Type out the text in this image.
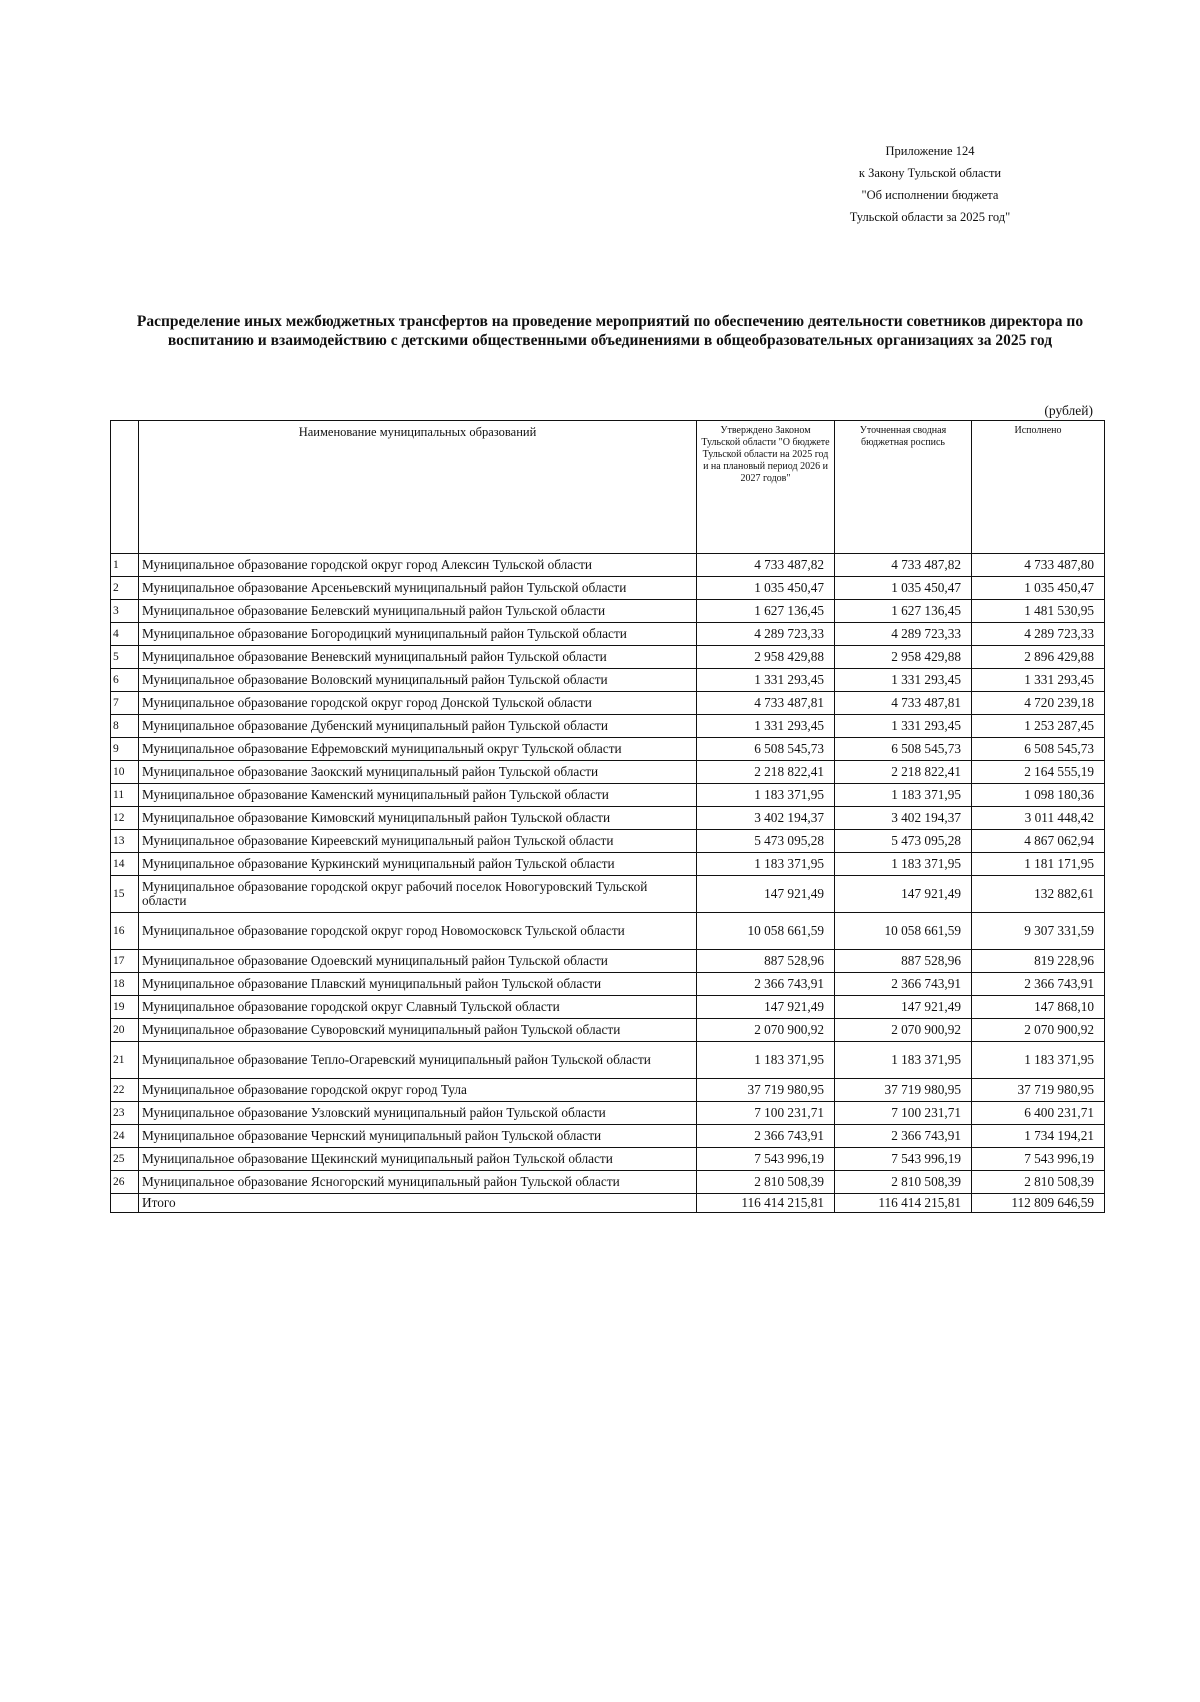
Приложение 124
к Закону Тульской области
"Об исполнении бюджета
Тульской области за 2025 год"
Распределение иных межбюджетных трансфертов на проведение мероприятий по обеспечению деятельности советников директора по воспитанию и взаимодействию с детскими общественными объединениями в общеобразовательных организациях за 2025 год
(рублей)
	Наименование муниципальных образований	Утверждено Законом Тульской области "О бюджете Тульской области на 2025 год и на плановый период 2026 и 2027 годов"	Уточненная сводная бюджетная роспись	Исполнено
1	Муниципальное образование городской округ город Алексин Тульской области	4 733 487,82	4 733 487,82	4 733 487,80
2	Муниципальное образование Арсеньевский муниципальный район Тульской области	1 035 450,47	1 035 450,47	1 035 450,47
3	Муниципальное образование Белевский муниципальный район Тульской области	1 627 136,45	1 627 136,45	1 481 530,95
4	Муниципальное образование Богородицкий муниципальный район Тульской области	4 289 723,33	4 289 723,33	4 289 723,33
5	Муниципальное образование Веневский муниципальный район Тульской области	2 958 429,88	2 958 429,88	2 896 429,88
6	Муниципальное образование Воловский муниципальный район Тульской области	1 331 293,45	1 331 293,45	1 331 293,45
7	Муниципальное образование городской округ город Донской Тульской области	4 733 487,81	4 733 487,81	4 720 239,18
8	Муниципальное образование Дубенский муниципальный район Тульской области	1 331 293,45	1 331 293,45	1 253 287,45
9	Муниципальное образование Ефремовский муниципальный округ Тульской области	6 508 545,73	6 508 545,73	6 508 545,73
10	Муниципальное образование Заокский муниципальный район Тульской области	2 218 822,41	2 218 822,41	2 164 555,19
11	Муниципальное образование Каменский муниципальный район Тульской области	1 183 371,95	1 183 371,95	1 098 180,36
12	Муниципальное образование Кимовский муниципальный район Тульской области	3 402 194,37	3 402 194,37	3 011 448,42
13	Муниципальное образование Киреевский муниципальный район Тульской области	5 473 095,28	5 473 095,28	4 867 062,94
14	Муниципальное образование Куркинский муниципальный район Тульской области	1 183 371,95	1 183 371,95	1 181 171,95
15	Муниципальное образование городской округ рабочий поселок Новогуровский Тульской области	147 921,49	147 921,49	132 882,61
16	Муниципальное образование городской округ город Новомосковск Тульской области	10 058 661,59	10 058 661,59	9 307 331,59
17	Муниципальное образование Одоевский муниципальный район Тульской области	887 528,96	887 528,96	819 228,96
18	Муниципальное образование Плавский муниципальный район Тульской области	2 366 743,91	2 366 743,91	2 366 743,91
19	Муниципальное образование городской округ Славный Тульской области	147 921,49	147 921,49	147 868,10
20	Муниципальное образование Суворовский муниципальный район Тульской области	2 070 900,92	2 070 900,92	2 070 900,92
21	Муниципальное образование Тепло-Огаревский муниципальный район Тульской области	1 183 371,95	1 183 371,95	1 183 371,95
22	Муниципальное образование городской округ город Тула	37 719 980,95	37 719 980,95	37 719 980,95
23	Муниципальное образование Узловский муниципальный район Тульской области	7 100 231,71	7 100 231,71	6 400 231,71
24	Муниципальное образование Чернский муниципальный район Тульской области	2 366 743,91	2 366 743,91	1 734 194,21
25	Муниципальное образование Щекинский муниципальный район Тульской области	7 543 996,19	7 543 996,19	7 543 996,19
26	Муниципальное образование Ясногорский муниципальный район Тульской области	2 810 508,39	2 810 508,39	2 810 508,39
	Итого	116 414 215,81	116 414 215,81	112 809 646,59
